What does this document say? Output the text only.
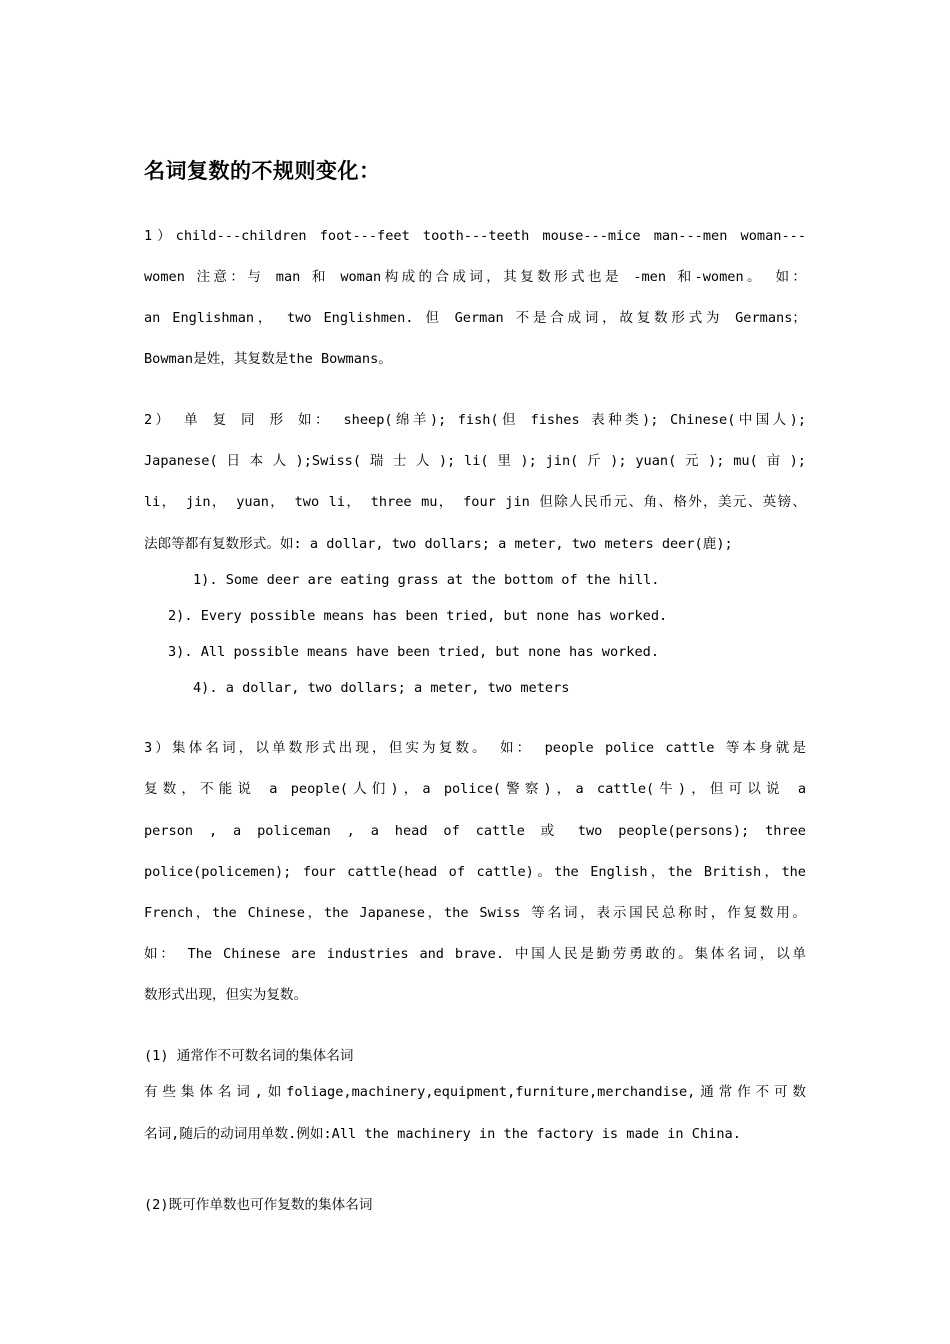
名词复数的不规则变化：
1）child---children foot---feet tooth---teeth mouse---mice man---men woman---
women 注意：与 man 和 woman构成的合成词，其复数形式也是 -men 和-women。 如：
an Englishman， two Englishmen. 但 German 不是合成词，故复数形式为 Germans；
Bowman是姓，其复数是the Bowmans。
2） 单 复 同 形 如： sheep(绵羊); fish(但 fishes 表种类); Chinese(中国人);
Japanese( 日 本 人 );Swiss( 瑞 士 人 ); li( 里 ); jin( 斤 ); yuan( 元 ); mu( 亩 );
li， jin， yuan， two li， three mu， four jin 但除人民币元、角、格外，美元、英镑、
法郎等都有复数形式。如: a dollar, two dollars; a meter, two meters deer(鹿);
1). Some deer are eating grass at the bottom of the hill.
2). Every possible means has been tried, but none has worked.
3). All possible means have been tried, but none has worked.
4). a dollar, two dollars; a meter, two meters
3）集体名词，以单数形式出现，但实为复数。 如： people police cattle 等本身就是
复数，不能说 a people(人们)，a police(警察)，a cattle(牛)，但可以说 a
person , a policeman , a head of cattle 或 two people(persons); three
police(policemen); four cattle(head of cattle)。the English，the British，the
French，the Chinese，the Japanese，the Swiss 等名词，表示国民总称时，作复数用。
如： The Chinese are industries and brave. 中国人民是勤劳勇敢的。集体名词，以单
数形式出现，但实为复数。
(1) 通常作不可数名词的集体名词
有些集体名词,如foliage,machinery,equipment,furniture,merchandise,通常作不可数
名词,随后的动词用单数.例如:All the machinery in the factory is made in China.
(2)既可作单数也可作复数的集体名词
